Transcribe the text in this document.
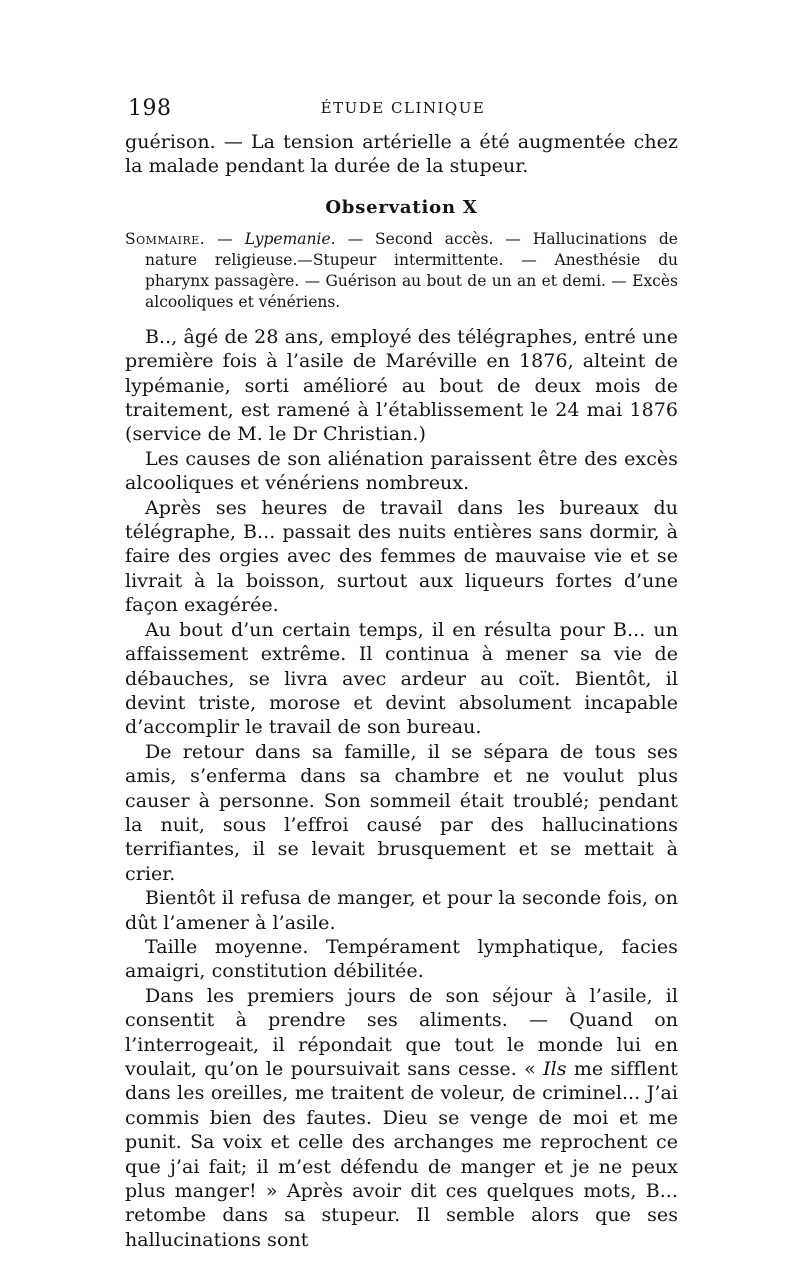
198	ÉTUDE CLINIQUE

guérison. — La tension artérielle a été augmentée chez la malade pendant la durée de la stupeur.

Observation X

Sommaire. — Lypemanie. — Second accès. — Hallucinations de nature religieuse.—Stupeur intermittente. — Anesthésie du pharynx passagère. — Guérison au bout de un an et demi. — Excès alcooliques et vénériens.

B.., âgé de 28 ans, employé des télégraphes, entré une première fois à l’asile de Maréville en 1876, alteint de lypémanie, sorti amélioré au bout de deux mois de traitement, est ramené à l’établissement le 24 mai 1876 (service de M. le Dr Christian.)

Les causes de son aliénation paraissent être des excès alcooliques et vénériens nombreux.

Après ses heures de travail dans les bureaux du télégraphe, B... passait des nuits entières sans dormir, à faire des orgies avec des femmes de mauvaise vie et se livrait à la boisson, surtout aux liqueurs fortes d’une façon exagérée.

Au bout d’un certain temps, il en résulta pour B... un affaissement extrême. Il continua à mener sa vie de débauches, se livra avec ardeur au coït. Bientôt, il devint triste, morose et devint absolument incapable d’accomplir le travail de son bureau.

De retour dans sa famille, il se sépara de tous ses amis, s’enferma dans sa chambre et ne voulut plus causer à personne. Son sommeil était troublé; pendant la nuit, sous l’effroi causé par des hallucinations terrifiantes, il se levait brusquement et se mettait à crier.

Bientôt il refusa de manger, et pour la seconde fois, on dût l’amener à l’asile.

Taille moyenne. Tempérament lymphatique, facies amaigri, constitution débilitée.

Dans les premiers jours de son séjour à l’asile, il consentit à prendre ses aliments. — Quand on l’interrogeait, il répondait que tout le monde lui en voulait, qu’on le poursuivait sans cesse. « Ils me sifflent dans les oreilles, me traitent de voleur, de criminel... J’ai commis bien des fautes. Dieu se venge de moi et me punit. Sa voix et celle des archanges me reprochent ce que j’ai fait; il m’est défendu de manger et je ne peux plus manger! » Après avoir dit ces quelques mots, B... retombe dans sa stupeur. Il semble alors que ses hallucinations sont
